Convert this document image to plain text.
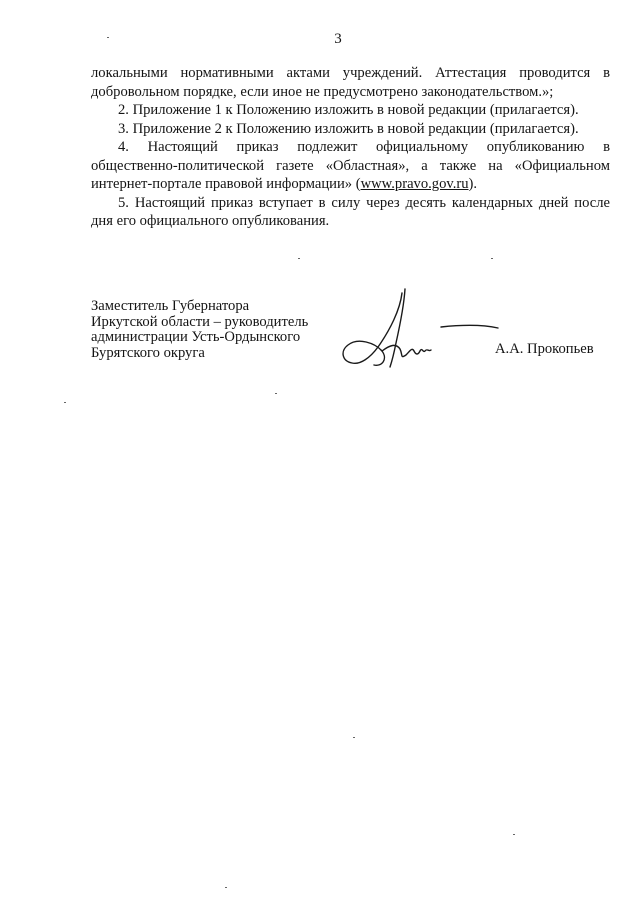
3

локальными нормативными актами учреждений. Аттестация проводится в добровольном порядке, если иное не предусмотрено законодательством.»;

2. Приложение 1 к Положению изложить в новой редакции (прилагается).

3. Приложение 2 к Положению изложить в новой редакции (прилагается).

4. Настоящий приказ подлежит официальному опубликованию в общественно-политической газете «Областная», а также на «Официальном интернет-портале правовой информации» (www.pravo.gov.ru).

5. Настоящий приказ вступает в силу через десять календарных дней после дня его официального опубликования.

Заместитель Губернатора
Иркутской области – руководитель
администрации Усть-Ордынского
Бурятского округа	А.А. Прокопьев
